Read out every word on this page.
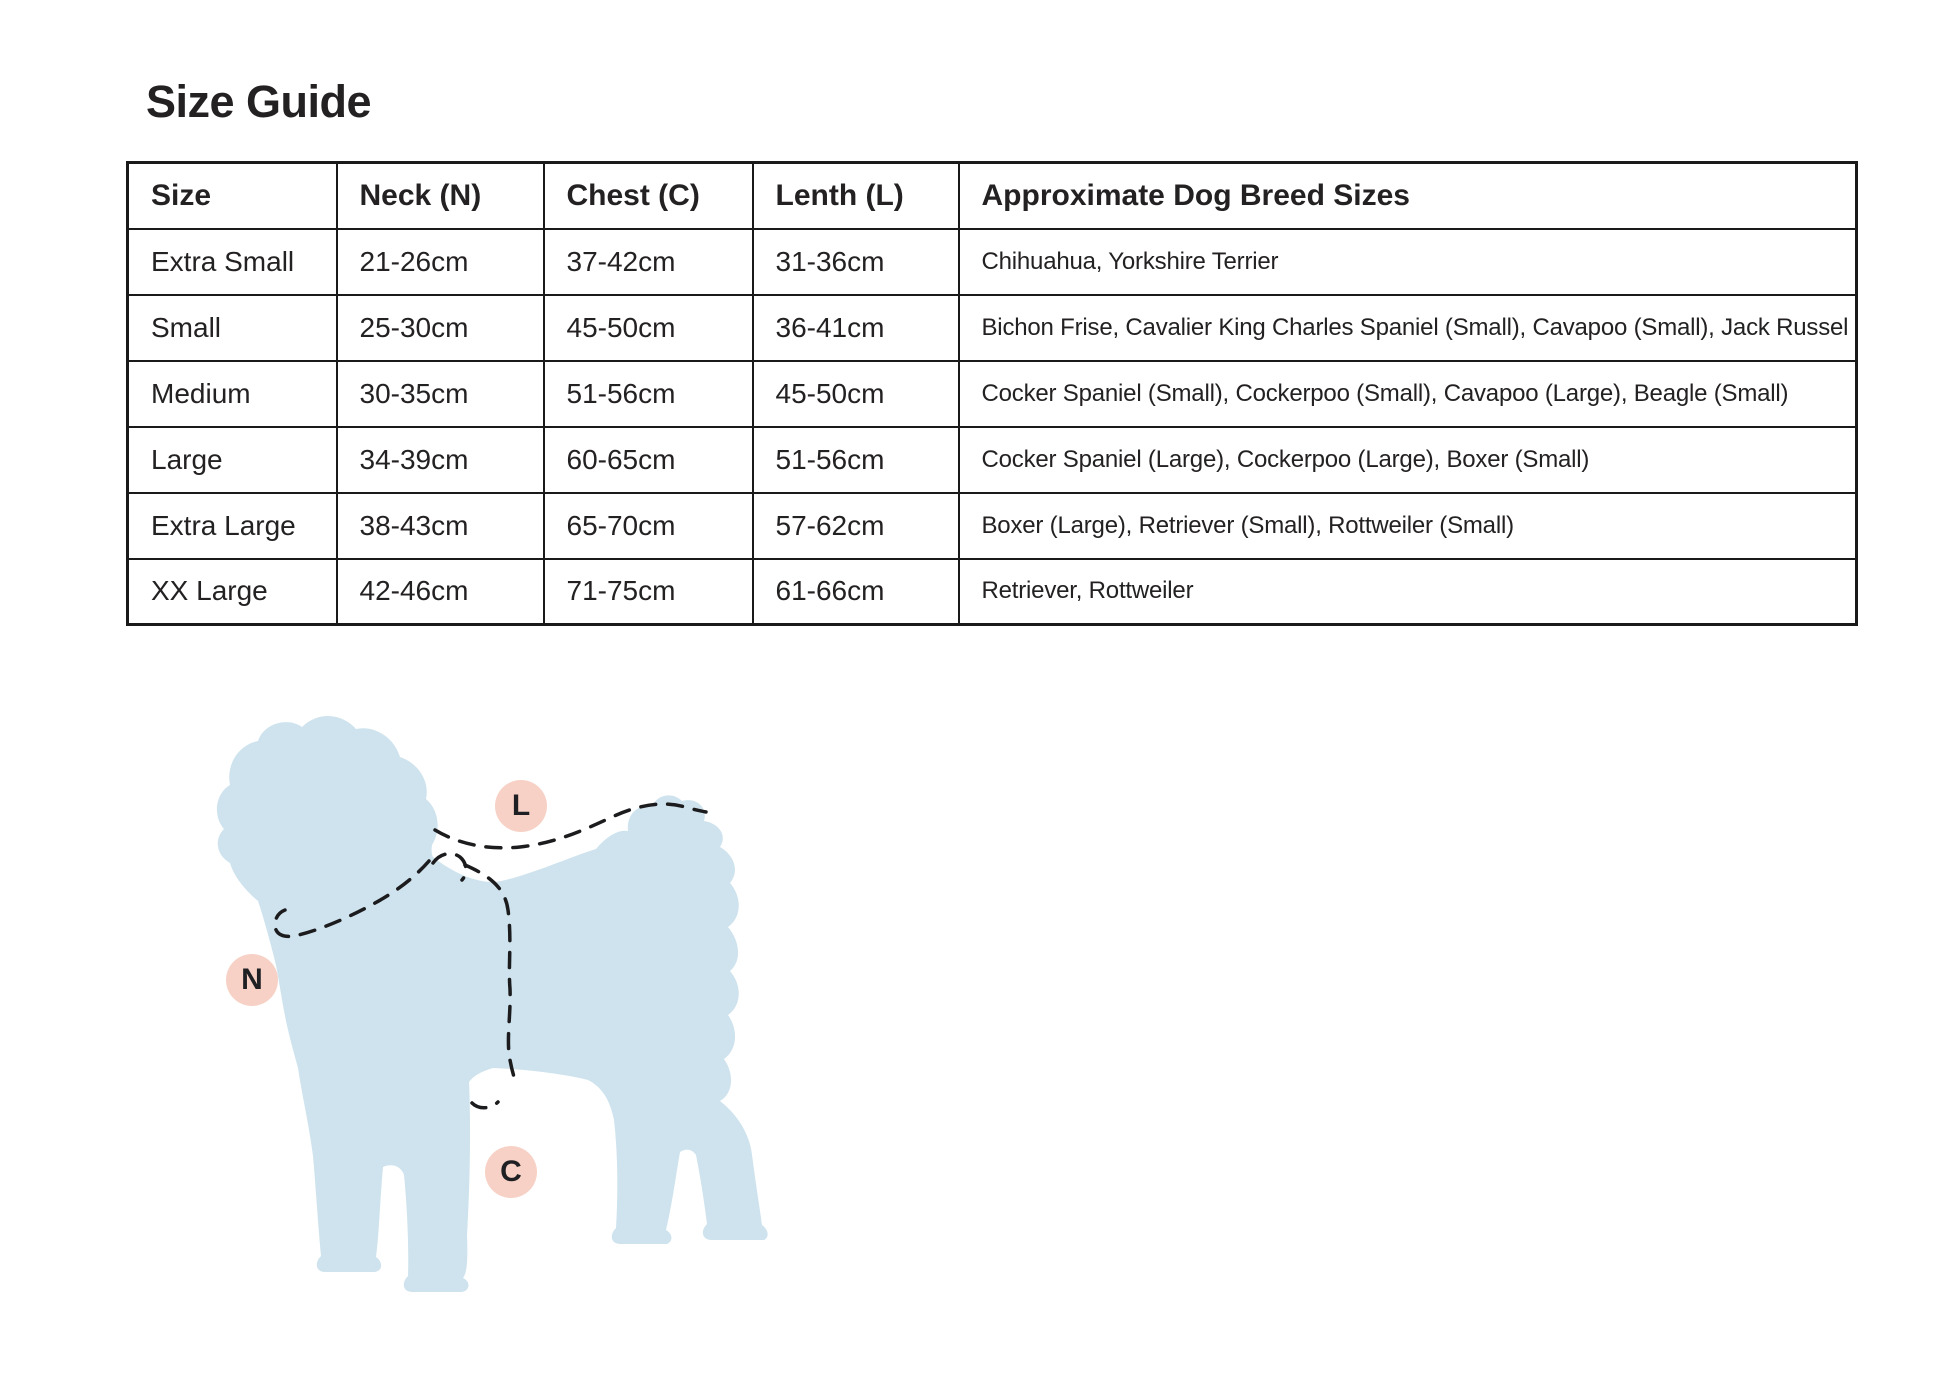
Size Guide
Size	Neck (N)	Chest (C)	Lenth (L)	Approximate Dog Breed Sizes
Extra Small	21-26cm	37-42cm	31-36cm	Chihuahua, Yorkshire Terrier
Small	25-30cm	45-50cm	36-41cm	Bichon Frise, Cavalier King Charles Spaniel (Small), Cavapoo (Small), Jack Russel
Medium	30-35cm	51-56cm	45-50cm	Cocker Spaniel (Small), Cockerpoo (Small), Cavapoo (Large), Beagle (Small)
Large	34-39cm	60-65cm	51-56cm	Cocker Spaniel (Large), Cockerpoo (Large), Boxer (Small)
Extra Large	38-43cm	65-70cm	57-62cm	Boxer (Large), Retriever (Small), Rottweiler (Small)
XX Large	42-46cm	71-75cm	61-66cm	Retriever, Rottweiler
L
N
C
